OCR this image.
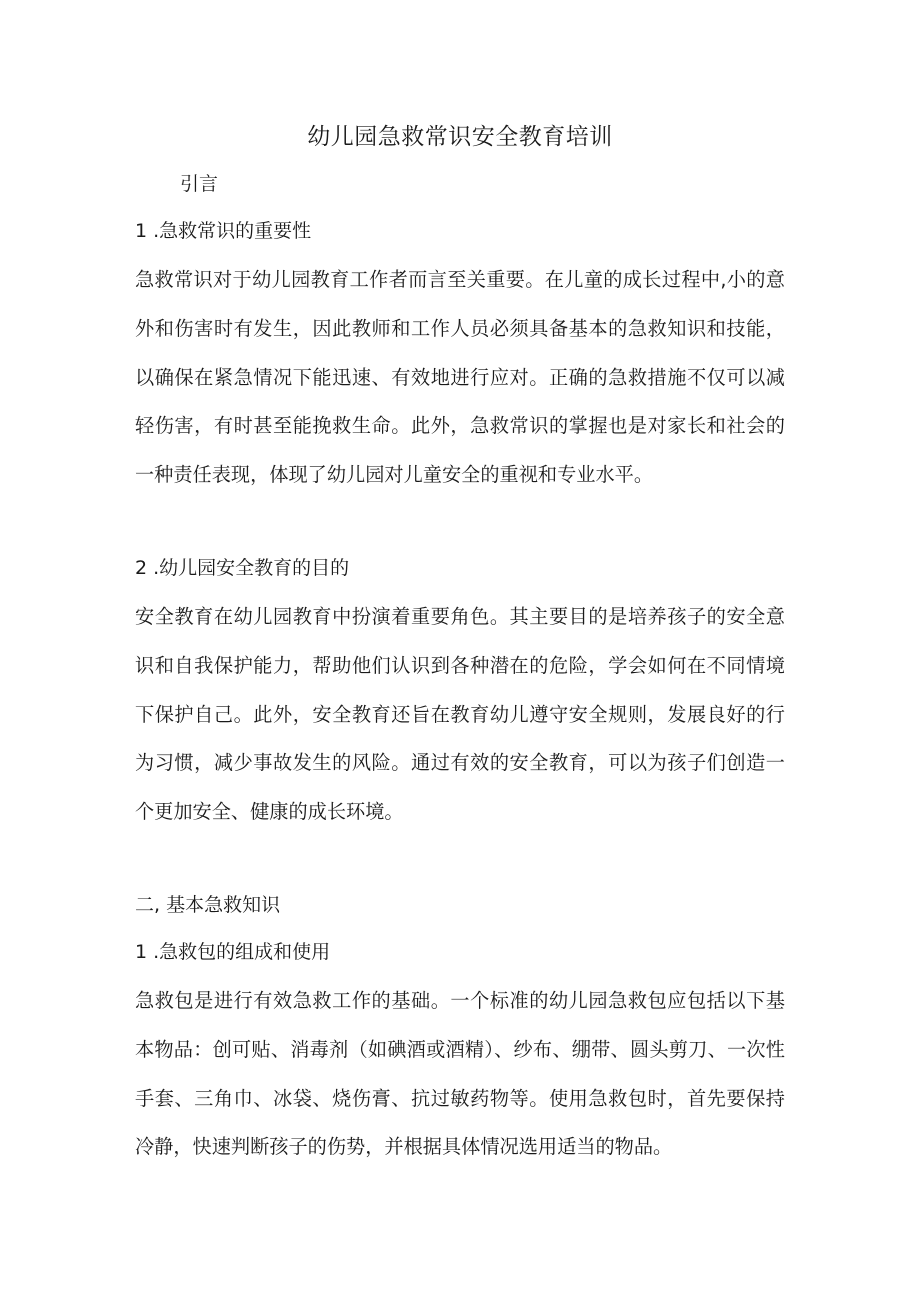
幼儿园急救常识安全教育培训
引言
1 .急救常识的重要性

急救常识对于幼儿园教育工作者而言至关重要。在儿童的成长过程中,小的意外和伤害时有发生，因此教师和工作人员必须具备基本的急救知识和技能，以确保在紧急情况下能迅速、有效地进行应对。正确的急救措施不仅可以减轻伤害，有时甚至能挽救生命。此外，急救常识的掌握也是对家长和社会的一种责任表现，体现了幼儿园对儿童安全的重视和专业水平。

2 .幼儿园安全教育的目的

安全教育在幼儿园教育中扮演着重要角色。其主要目的是培养孩子的安全意识和自我保护能力，帮助他们认识到各种潜在的危险，学会如何在不同情境下保护自己。此外，安全教育还旨在教育幼儿遵守安全规则，发展良好的行为习惯，减少事故发生的风险。通过有效的安全教育，可以为孩子们创造一个更加安全、健康的成长环境。

二, 基本急救知识
1 .急救包的组成和使用

急救包是进行有效急救工作的基础。一个标准的幼儿园急救包应包括以下基本物品：创可贴、消毒剂（如碘酒或酒精）、纱布、绷带、圆头剪刀、一次性手套、三角巾、冰袋、烧伤膏、抗过敏药物等。使用急救包时，首先要保持冷静，快速判断孩子的伤势，并根据具体情况选用适当的物品。
